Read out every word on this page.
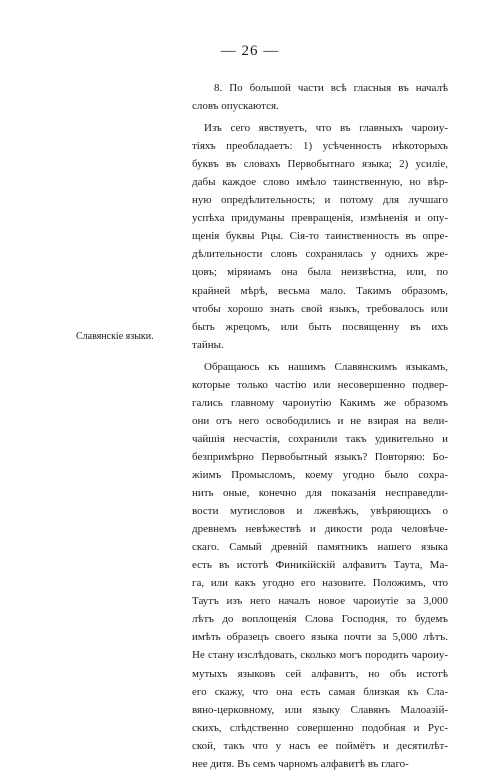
— 26 —
Славянскіе языки.
8. По большой части всѣ гласныя въ началѣ
словъ опускаются.
Изъ сего явствуетъ, что въ главныхъ чароиу-
тіяхъ преобладаетъ: 1) усѣченность нѣкоторыхъ
буквъ въ словахъ Первобытнаго языка; 2) усиліе,
дабы каждое слово имѣло таинственную, но вѣр-
ную опредѣлительность; и потому для лучшаго
успѣха придуманы превращенія, измѣненія и опу-
щенія буквы Рцы. Сія-то таинственность въ опре-
дѣлительности словъ сохранялась у однихъ жре-
цовъ; міряиамъ она была неизвѣстна, или, по
крайней мѣрѣ, весьма мало. Такимъ образомъ,
чтобы хорошо знать свой языкъ, требовалось или
быть жрецомъ, или быть посвященну въ ихъ
тайны.
Обращаюсь къ нашимъ Славянскимъ языкамъ,
которые только частію или несовершенно подвер-
гались главному чароиутію Какимъ же образомъ
они отъ него освободились и не взирая на вели-
чайшія несчастія, сохранили такъ удивительно и
безпримѣрно Первобытный языкъ? Повторяю: Бо-
жіимъ Промысломъ, коему угодно было сохра-
нить оные, конечно для показанія несправедли-
вости мутисловов и лжевѣжъ, увѣряющихъ о
древнемъ невѣжествѣ и дикости рода человѣче-
скаго. Самый древній памятникъ нашего языка
есть въ истотѣ Финикійскій алфавитъ Таута, Ма-
га, или какъ угодно его назовите. Положимъ, что
Таутъ изъ него началъ новое чароиутіе за 3,000
лѣтъ до воплощенія Слова Господня, то будемъ
имѣть образецъ своего языка почти за 5,000 лѣтъ.
Не стану изслѣдовать, сколько могъ породить чароиу-
мутыхъ языковъ сей алфавитъ, но объ истотѣ
его скажу, что она есть самая близкая къ Сла-
вяно-церковному, или языку Славянъ Малоазій-
скихъ, слѣдственно совершенно подобная и Рус-
ской, такъ что у насъ ее поймётъ и десятилѣт-
нее дитя. Въ семъ чарномъ алфавитѣ въ глаго-
